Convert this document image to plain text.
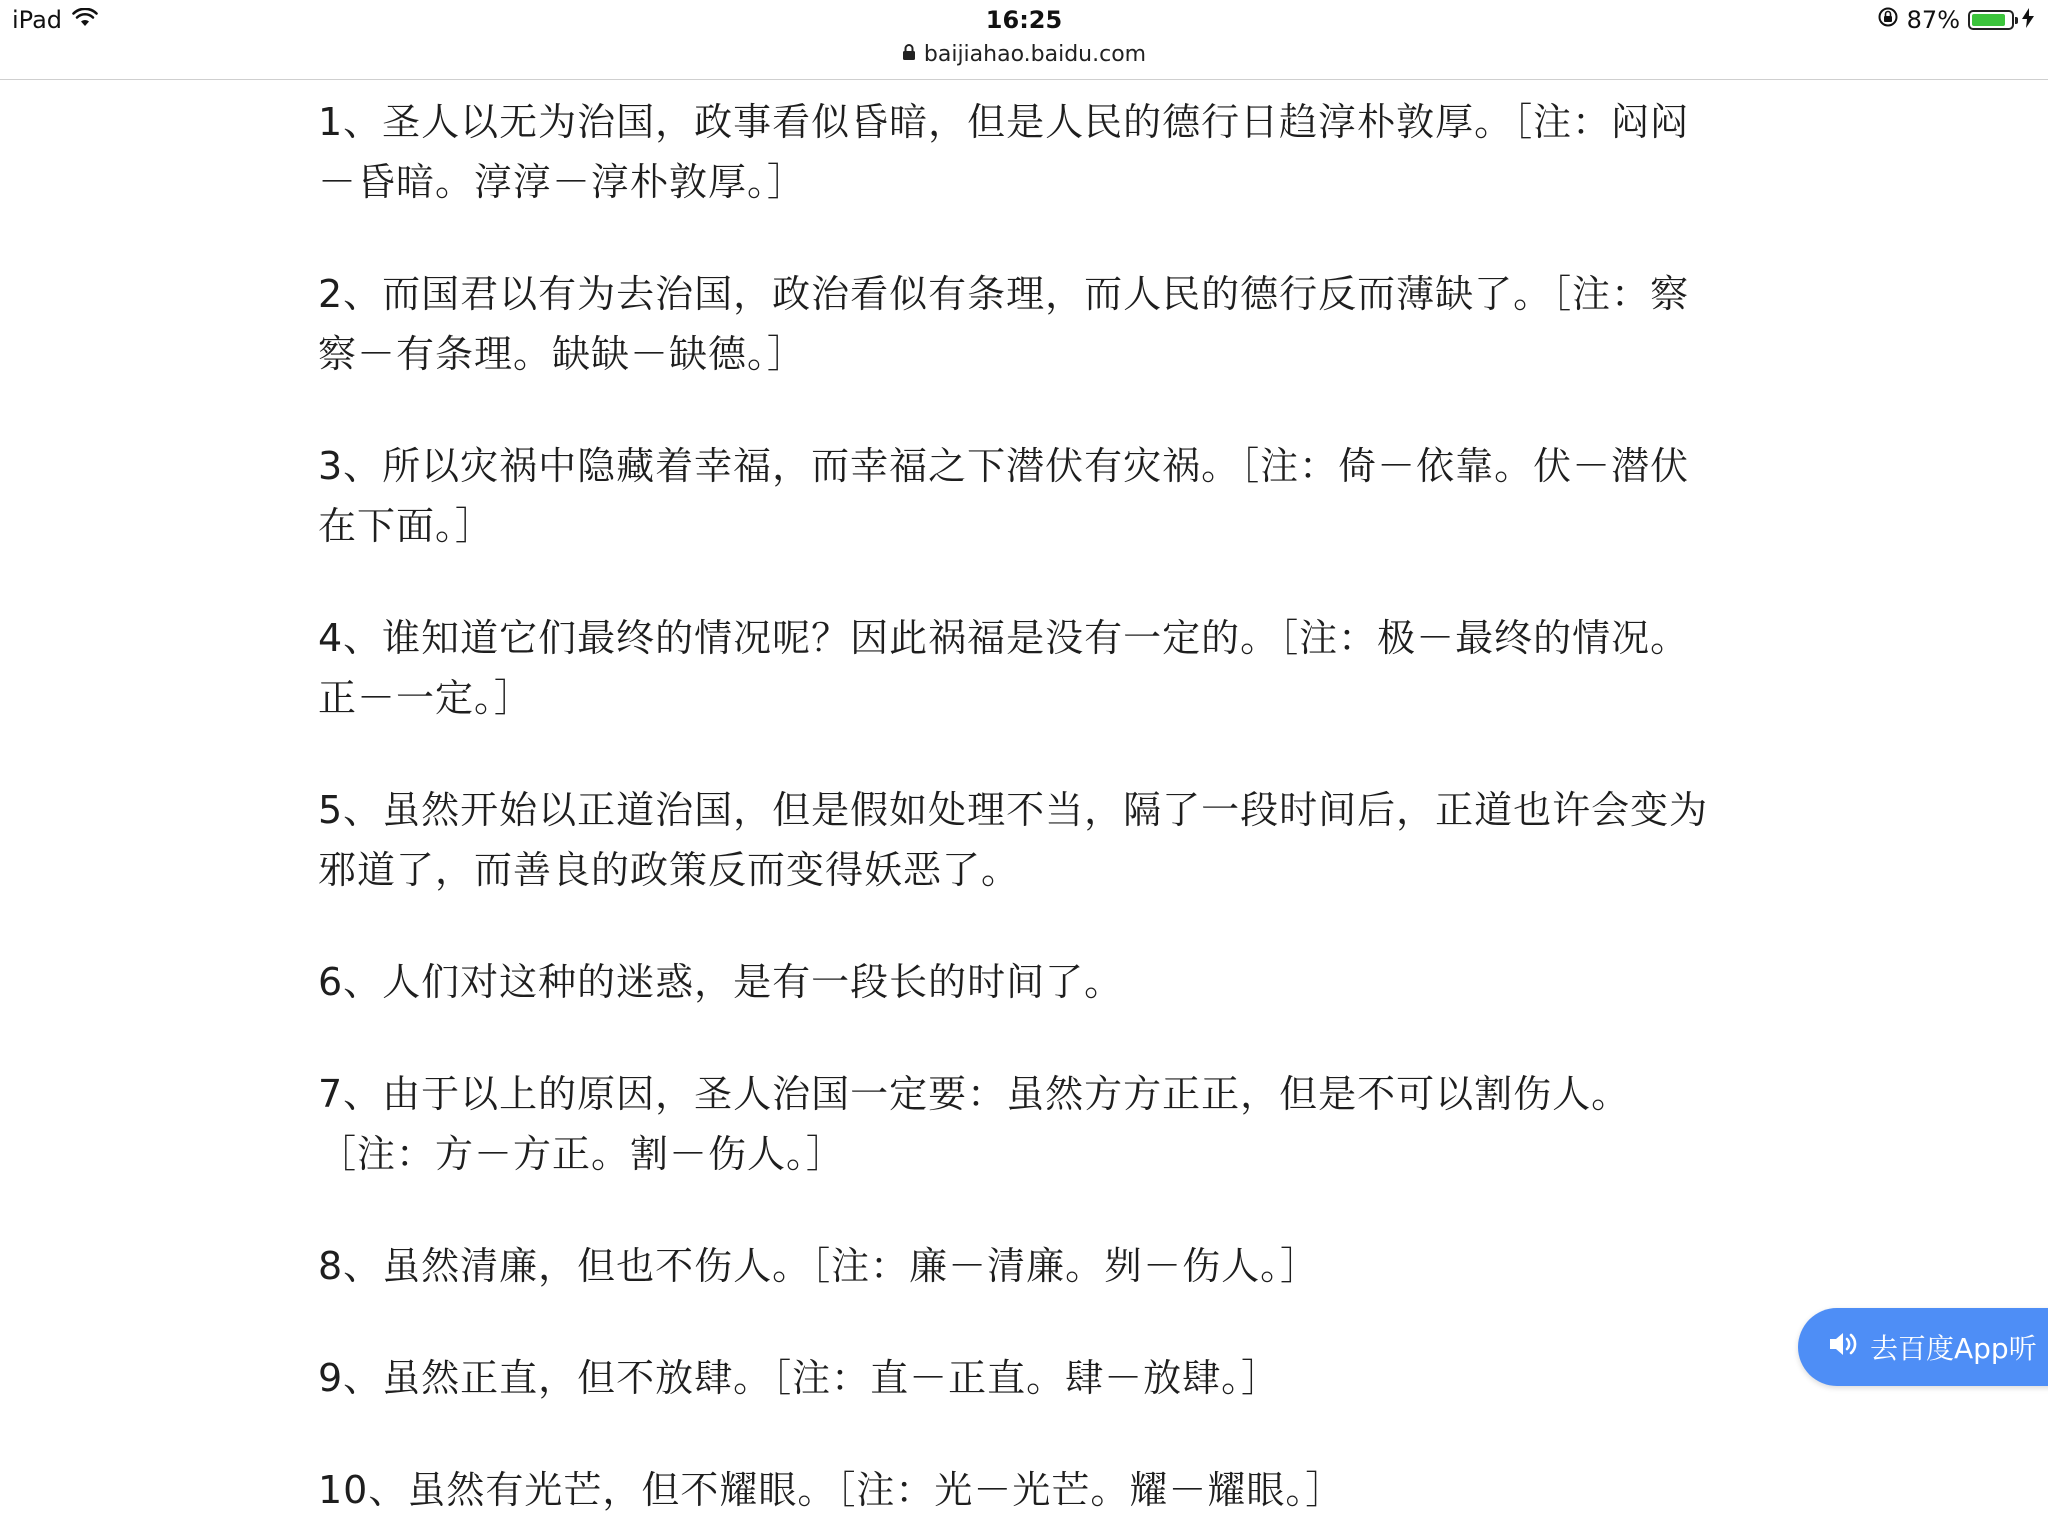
iPad	16:25	87%
baijiahao.baidu.com

1、圣人以无为治国，政事看似昏暗，但是人民的德行日趋淳朴敦厚。［注：闷闷－昏暗。淳淳－淳朴敦厚。］

2、而国君以有为去治国，政治看似有条理，而人民的德行反而薄缺了。［注：察察－有条理。缺缺－缺德。］

3、所以灾祸中隐藏着幸福，而幸福之下潜伏有灾祸。［注：倚－依靠。伏－潜伏在下面。］

4、谁知道它们最终的情况呢？因此祸福是没有一定的。［注：极－最终的情况。正－一定。］

5、虽然开始以正道治国，但是假如处理不当，隔了一段时间后，正道也许会变为邪道了，而善良的政策反而变得妖恶了。

6、人们对这种的迷惑，是有一段长的时间了。

7、由于以上的原因，圣人治国一定要：虽然方方正正，但是不可以割伤人。［注：方－方正。割－伤人。］

8、虽然清廉，但也不伤人。［注：廉－清廉。刿－伤人。］

9、虽然正直，但不放肆。［注：直－正直。肆－放肆。］

10、虽然有光芒，但不耀眼。［注：光－光芒。耀－耀眼。］

去百度App听
